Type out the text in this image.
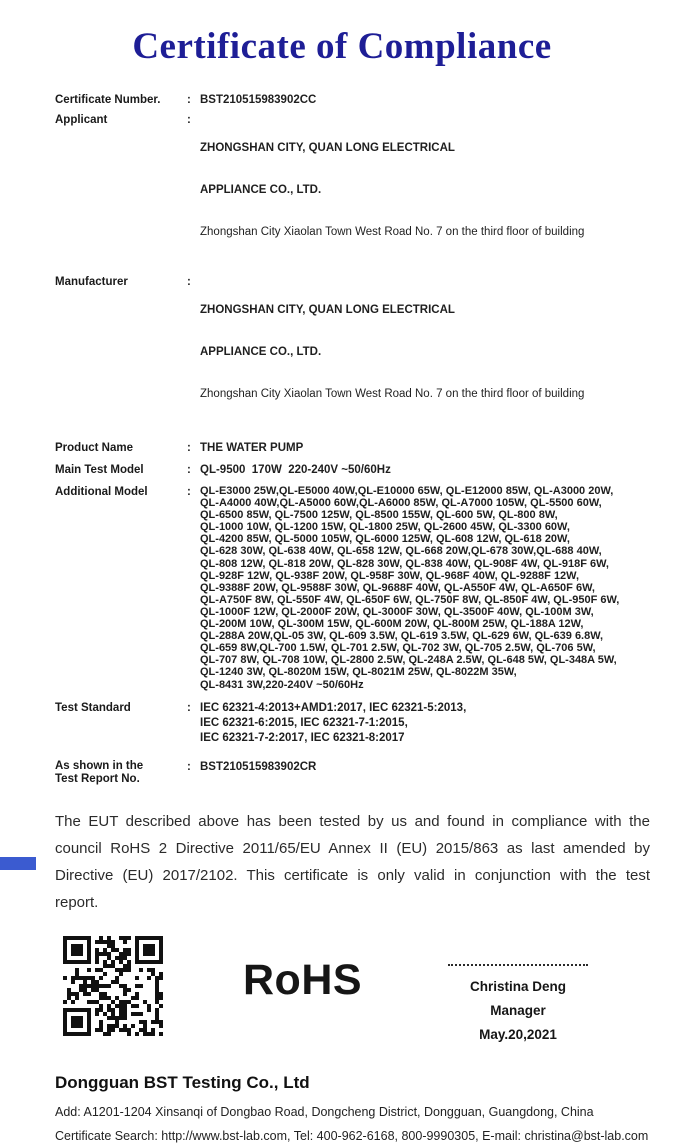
Certificate of Compliance
Certificate Number.	: BST210515983902CC
Applicant	:

ZHONGSHAN CITY, QUAN LONG ELECTRICAL

APPLIANCE CO., LTD.

Zhongshan City Xiaolan Town West Road No. 7 on the third floor of building

Manufacturer	:

ZHONGSHAN CITY, QUAN LONG ELECTRICAL

APPLIANCE CO., LTD.

Zhongshan City Xiaolan Town West Road No. 7 on the third floor of building

Product Name	: THE WATER PUMP
Main Test Model	: QL-9500  170W  220-240V ~50/60Hz
Additional Model	: QL-E3000 25W,QL-E5000 40W,QL-E10000 65W, QL-E12000 85W, QL-A3000 20W,
QL-A4000 40W,QL-A5000 60W,QL-A6000 85W, QL-A7000 105W, QL-5500 60W,
QL-6500 85W, QL-7500 125W, QL-8500 155W, QL-600 5W, QL-800 8W,
QL-1000 10W, QL-1200 15W, QL-1800 25W, QL-2600 45W, QL-3300 60W,
QL-4200 85W, QL-5000 105W, QL-6000 125W, QL-608 12W, QL-618 20W,
QL-628 30W, QL-638 40W, QL-658 12W, QL-668 20W,QL-678 30W,QL-688 40W,
QL-808 12W, QL-818 20W, QL-828 30W, QL-838 40W, QL-908F 4W, QL-918F 6W,
QL-928F 12W, QL-938F 20W, QL-958F 30W, QL-968F 40W, QL-9288F 12W,
QL-9388F 20W, QL-9588F 30W, QL-9688F 40W, QL-A550F 4W, QL-A650F 6W,
QL-A750F 8W, QL-550F 4W, QL-650F 6W, QL-750F 8W, QL-850F 4W, QL-950F 6W,
QL-1000F 12W, QL-2000F 20W, QL-3000F 30W, QL-3500F 40W, QL-100M 3W,
QL-200M 10W, QL-300M 15W, QL-600M 20W, QL-800M 25W, QL-188A 12W,
QL-288A 20W,QL-05 3W, QL-609 3.5W, QL-619 3.5W, QL-629 6W, QL-639 6.8W,
QL-659 8W,QL-700 1.5W, QL-701 2.5W, QL-702 3W, QL-705 2.5W, QL-706 5W,
QL-707 8W, QL-708 10W, QL-2800 2.5W, QL-248A 2.5W, QL-648 5W, QL-348A 5W,
QL-1240 3W, QL-8020M 15W, QL-8021M 25W, QL-8022M 35W,
QL-8431 3W,220-240V ~50/60Hz
Test Standard	: IEC 62321-4:2013+AMD1:2017, IEC 62321-5:2013,
IEC 62321-6:2015, IEC 62321-7-1:2015,
IEC 62321-7-2:2017, IEC 62321-8:2017
As shown in the
Test Report No.
: BST210515983902CR
The EUT described above has been tested by us and found in compliance with the
council RoHS 2 Directive 2011/65/EU Annex II (EU) 2015/863 as last amended by
Directive (EU) 2017/2102. This certificate is only valid in conjunction with the test
report.
RoHS	Christina Deng
Manager
May.20,2021
Dongguan BST Testing Co., Ltd
Add: A1201-1204 Xinsanqi of Dongbao Road, Dongcheng District, Dongguan, Guangdong, China
Certificate Search: http://www.bst-lab.com, Tel: 400-962-6168, 800-9990305, E-mail: christina@bst-lab.com
